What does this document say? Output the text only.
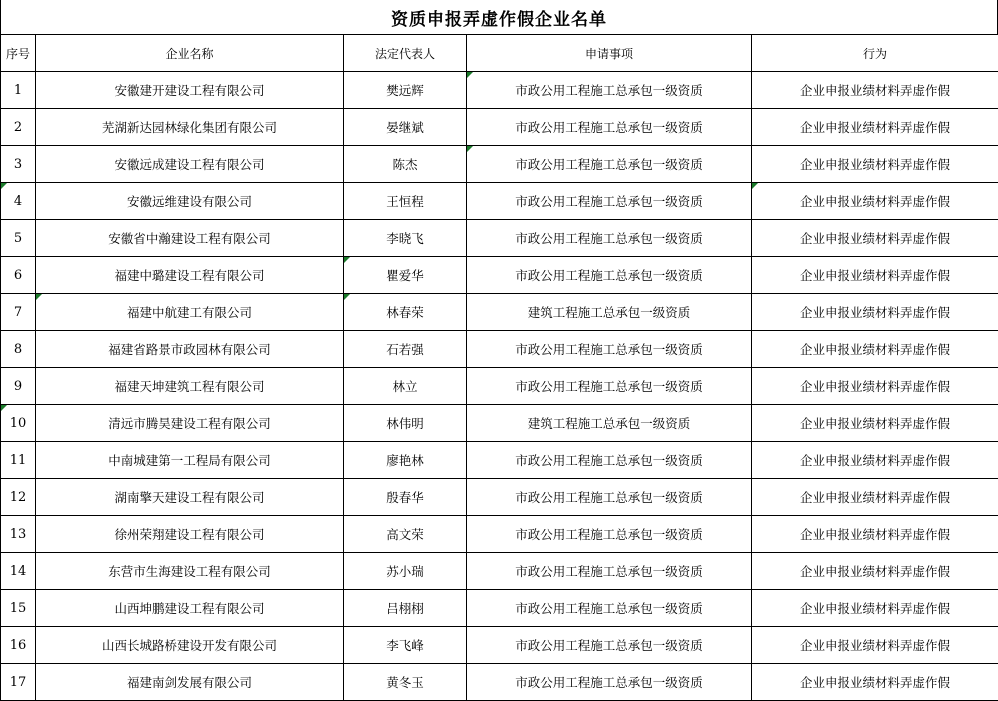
资质申报弄虚作假企业名单
序号	企业名称	法定代表人	申请事项	行为
1	安徽建开建设工程有限公司	樊远辉	市政公用工程施工总承包一级资质	企业申报业绩材料弄虚作假
2	芜湖新达园林绿化集团有限公司	晏继斌	市政公用工程施工总承包一级资质	企业申报业绩材料弄虚作假
3	安徽远成建设工程有限公司	陈杰	市政公用工程施工总承包一级资质	企业申报业绩材料弄虚作假
4	安徽远维建设有限公司	王恒程	市政公用工程施工总承包一级资质	企业申报业绩材料弄虚作假
5	安徽省中瀚建设工程有限公司	李晓飞	市政公用工程施工总承包一级资质	企业申报业绩材料弄虚作假
6	福建中璐建设工程有限公司	瞿爱华	市政公用工程施工总承包一级资质	企业申报业绩材料弄虚作假
7	福建中航建工有限公司	林春荣	建筑工程施工总承包一级资质	企业申报业绩材料弄虚作假
8	福建省路景市政园林有限公司	石若强	市政公用工程施工总承包一级资质	企业申报业绩材料弄虚作假
9	福建天坤建筑工程有限公司	林立	市政公用工程施工总承包一级资质	企业申报业绩材料弄虚作假
10	清远市腾昊建设工程有限公司	林伟明	建筑工程施工总承包一级资质	企业申报业绩材料弄虚作假
11	中南城建第一工程局有限公司	廖艳林	市政公用工程施工总承包一级资质	企业申报业绩材料弄虚作假
12	湖南擎天建设工程有限公司	殷春华	市政公用工程施工总承包一级资质	企业申报业绩材料弄虚作假
13	徐州荣翔建设工程有限公司	高文荣	市政公用工程施工总承包一级资质	企业申报业绩材料弄虚作假
14	东营市生海建设工程有限公司	苏小瑞	市政公用工程施工总承包一级资质	企业申报业绩材料弄虚作假
15	山西坤鹏建设工程有限公司	吕栩栩	市政公用工程施工总承包一级资质	企业申报业绩材料弄虚作假
16	山西长城路桥建设开发有限公司	李飞峰	市政公用工程施工总承包一级资质	企业申报业绩材料弄虚作假
17	福建南剑发展有限公司	黄冬玉	市政公用工程施工总承包一级资质	企业申报业绩材料弄虚作假
